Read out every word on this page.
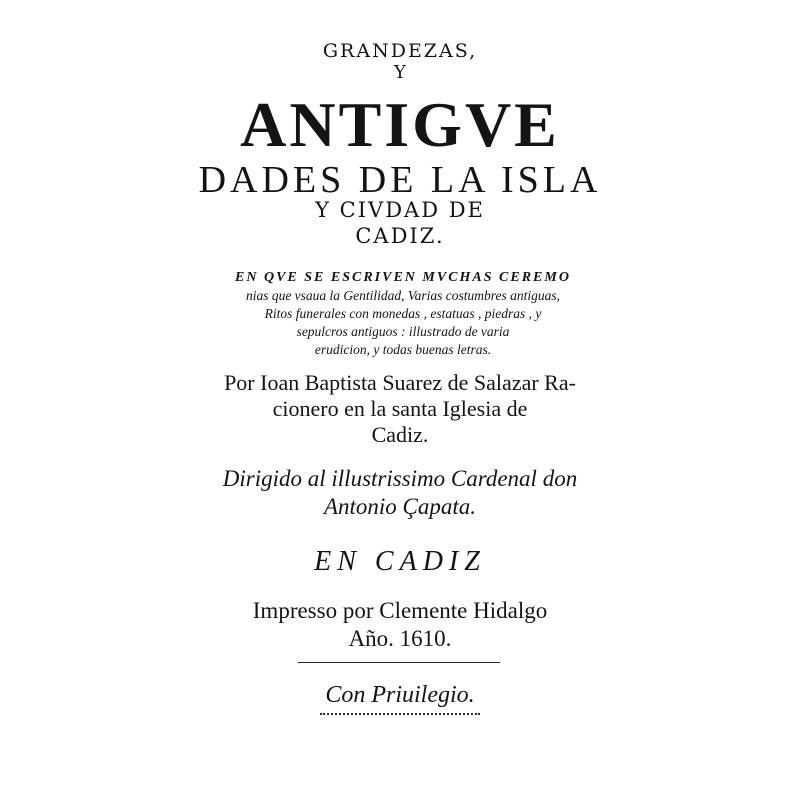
GRANDEZAS,
Y
ANTIGVE
DADES DE LA ISLA
Y CIVDAD DE
CADIZ.
EN QVE SE ESCRIVEN MVCHAS CEREMO
nias que vsaua la Gentilidad, Varias costumbres antiguas,
Ritos funerales con monedas , estatuas , piedras , y
sepulcros antiguos : illustrado de varia
erudicion, y todas buenas letras.
Por Ioan Baptista Suarez de Salazar Ra-
cionero en la santa Iglesia de
Cadiz.
Dirigido al illustrissimo Cardenal don
Antonio Çapata.
EN CADIZ
Impresso por Clemente Hidalgo
Año. 1610.
Con Priuilegio.
